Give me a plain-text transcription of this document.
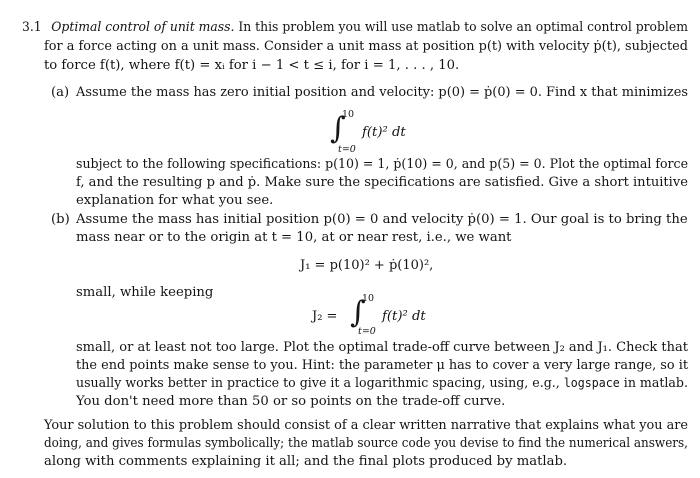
3.1 Optimal control of unit mass. In this problem you will use matlab to solve an optimal control problem
for a force acting on a unit mass. Consider a unit mass at position p(t) with velocity ṗ(t), subjected
to force f(t), where f(t) = xᵢ for i − 1 < t ≤ i, for i = 1, . . . , 10.
(a) Assume the mass has zero initial position and velocity: p(0) = ṗ(0) = 0. Find x that minimizes
∫
10
t=0
f(t)² dt
subject to the following specifications: p(10) = 1, ṗ(10) = 0, and p(5) = 0. Plot the optimal force
f, and the resulting p and ṗ. Make sure the specifications are satisfied. Give a short intuitive
explanation for what you see.
(b) Assume the mass has initial position p(0) = 0 and velocity ṗ(0) = 1. Our goal is to bring the
mass near or to the origin at t = 10, at or near rest, i.e., we want
J₁ = p(10)² + ṗ(10)²,
small, while keeping
J₂ = ∫
10
t=0
f(t)² dt
small, or at least not too large. Plot the optimal trade-off curve between J₂ and J₁. Check that
the end points make sense to you. Hint: the parameter μ has to cover a very large range, so it
usually works better in practice to give it a logarithmic spacing, using, e.g., logspace in matlab.
You don't need more than 50 or so points on the trade-off curve.
Your solution to this problem should consist of a clear written narrative that explains what you are
doing, and gives formulas symbolically; the matlab source code you devise to find the numerical answers,
along with comments explaining it all; and the final plots produced by matlab.
